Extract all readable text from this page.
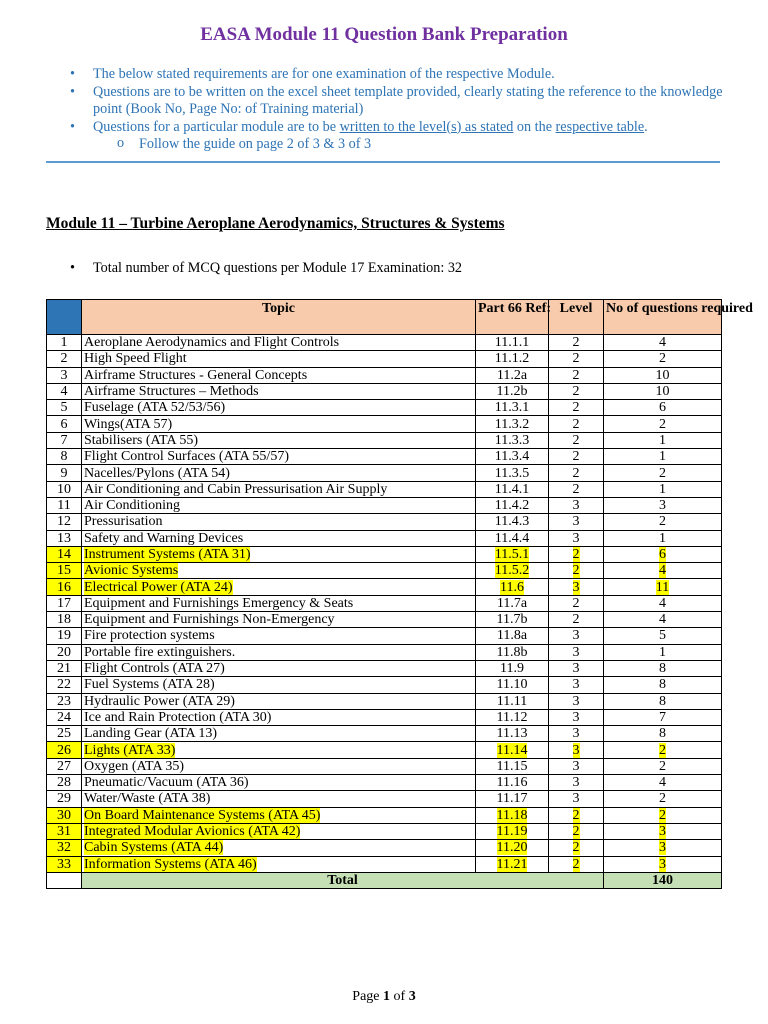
EASA Module 11 Question Bank Preparation
• The below stated requirements are for one examination of the respective Module.
• Questions are to be written on the excel sheet template provided, clearly stating the reference to the knowledge point (Book No, Page No: of Training material)
• Questions for a particular module are to be written to the level(s) as stated on the respective table.
o Follow the guide on page 2 of 3 & 3 of 3
Module 11 – Turbine Aeroplane Aerodynamics, Structures & Systems
• Total number of MCQ questions per Module 17 Examination: 32
	Topic	Part 66 Ref:	Level	No of questions required
1	Aeroplane Aerodynamics and Flight Controls	11.1.1	2	4
2	High Speed Flight	11.1.2	2	2
3	Airframe Structures - General Concepts	11.2a	2	10
4	Airframe Structures – Methods	11.2b	2	10
5	Fuselage (ATA 52/53/56)	11.3.1	2	6
6	Wings(ATA 57)	11.3.2	2	2
7	Stabilisers (ATA 55)	11.3.3	2	1
8	Flight Control Surfaces (ATA 55/57)	11.3.4	2	1
9	Nacelles/Pylons (ATA 54)	11.3.5	2	2
10	Air Conditioning and Cabin Pressurisation Air Supply	11.4.1	2	1
11	Air Conditioning	11.4.2	3	3
12	Pressurisation	11.4.3	3	2
13	Safety and Warning Devices	11.4.4	3	1
14	Instrument Systems (ATA 31)	11.5.1	2	6
15	Avionic Systems	11.5.2	2	4
16	Electrical Power (ATA 24)	11.6	3	11
17	Equipment and Furnishings Emergency & Seats	11.7a	2	4
18	Equipment and Furnishings Non-Emergency	11.7b	2	4
19	Fire protection systems	11.8a	3	5
20	Portable fire extinguishers.	11.8b	3	1
21	Flight Controls (ATA 27)	11.9	3	8
22	Fuel Systems (ATA 28)	11.10	3	8
23	Hydraulic Power (ATA 29)	11.11	3	8
24	Ice and Rain Protection (ATA 30)	11.12	3	7
25	Landing Gear (ATA 13)	11.13	3	8
26	Lights (ATA 33)	11.14	3	2
27	Oxygen (ATA 35)	11.15	3	2
28	Pneumatic/Vacuum (ATA 36)	11.16	3	4
29	Water/Waste (ATA 38)	11.17	3	2
30	On Board Maintenance Systems (ATA 45)	11.18	2	2
31	Integrated Modular Avionics (ATA 42)	11.19	2	3
32	Cabin Systems (ATA 44)	11.20	2	3
33	Information Systems (ATA 46)	11.21	2	3
	Total			140
Page 1 of 3
